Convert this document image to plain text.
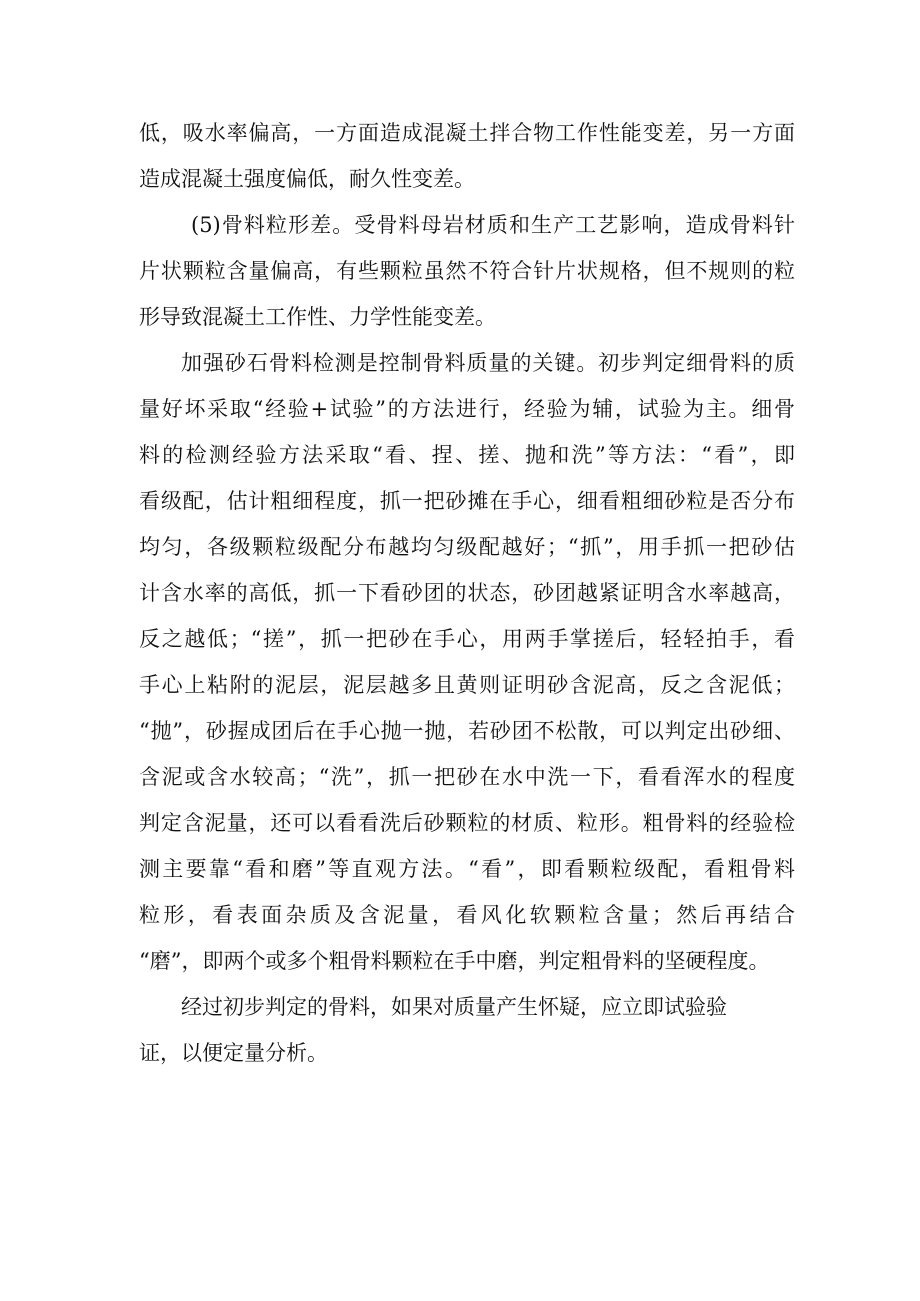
低，吸水率偏高，一方面造成混凝土拌合物工作性能变差，另一方面
造成混凝土强度偏低，耐久性变差。
(5)骨料粒形差。受骨料母岩材质和生产工艺影响，造成骨料针
片状颗粒含量偏高，有些颗粒虽然不符合针片状规格，但不规则的粒
形导致混凝土工作性、力学性能变差。
加强砂石骨料检测是控制骨料质量的关键。初步判定细骨料的质
量好坏采取“经验+试验”的方法进行，经验为辅，试验为主。细骨
料的检测经验方法采取“看、捏、搓、抛和洗”等方法：“看”，即
看级配，估计粗细程度，抓一把砂摊在手心，细看粗细砂粒是否分布
均匀，各级颗粒级配分布越均匀级配越好；“抓”，用手抓一把砂估
计含水率的高低，抓一下看砂团的状态，砂团越紧证明含水率越高，
反之越低；“搓”，抓一把砂在手心，用两手掌搓后，轻轻拍手，看
手心上粘附的泥层，泥层越多且黄则证明砂含泥高，反之含泥低；
“抛”，砂握成团后在手心抛一抛，若砂团不松散，可以判定出砂细、
含泥或含水较高；“洗”，抓一把砂在水中洗一下，看看浑水的程度
判定含泥量，还可以看看洗后砂颗粒的材质、粒形。粗骨料的经验检
测主要靠“看和磨”等直观方法。“看”，即看颗粒级配，看粗骨料
粒形，看表面杂质及含泥量，看风化软颗粒含量；然后再结合
“磨”，即两个或多个粗骨料颗粒在手中磨，判定粗骨料的坚硬程度。
经过初步判定的骨料，如果对质量产生怀疑，应立即试验验
证，以便定量分析。
